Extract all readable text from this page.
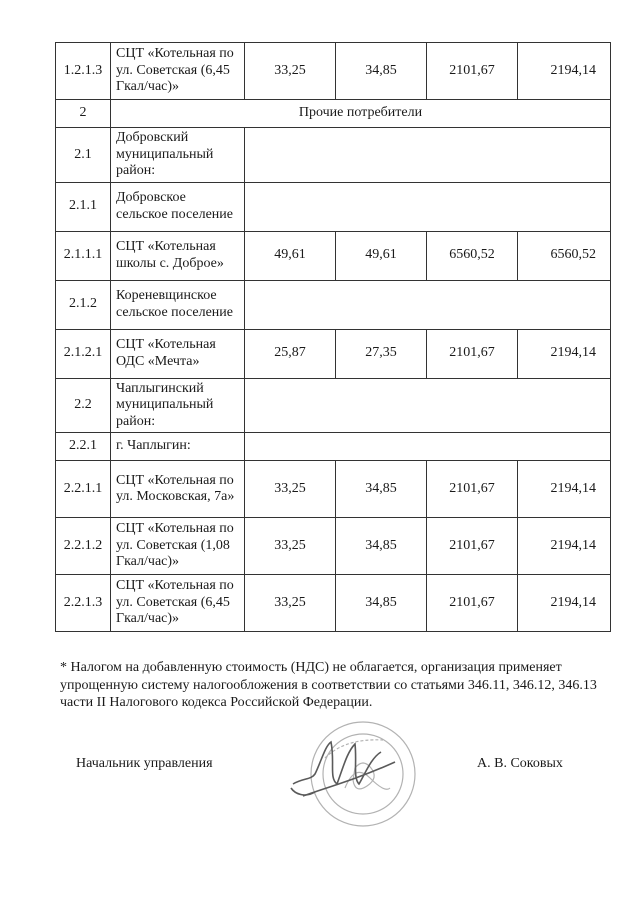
1.2.1.3	СЦТ «Котельная по ул. Советская (6,45 Гкал/час)»	33,25	34,85	2101,67	2194,14
2	Прочие потребители				
2.1	Добровский муниципальный район:				
2.1.1	Добровское сельское поселение				
2.1.1.1	СЦТ «Котельная школы с. Доброе»	49,61	49,61	6560,52	6560,52
2.1.2	Кореневщинское сельское поселение				
2.1.2.1	СЦТ «Котельная ОДС «Мечта»	25,87	27,35	2101,67	2194,14
2.2	Чаплыгинский муниципальный район:				
2.2.1	г. Чаплыгин:				
2.2.1.1	СЦТ «Котельная по ул. Московская, 7а»	33,25	34,85	2101,67	2194,14
2.2.1.2	СЦТ «Котельная по ул. Советская (1,08 Гкал/час)»	33,25	34,85	2101,67	2194,14
2.2.1.3	СЦТ «Котельная по ул. Советская (6,45 Гкал/час)»	33,25	34,85	2101,67	2194,14

* Налогом на добавленную стоимость (НДС) не облагается, организация применяет упрощенную систему налогообложения в соответствии со статьями 346.11, 346.12, 346.13 части II Налогового кодекса Российской Федерации.

Начальник управления	А. В. Соковых
